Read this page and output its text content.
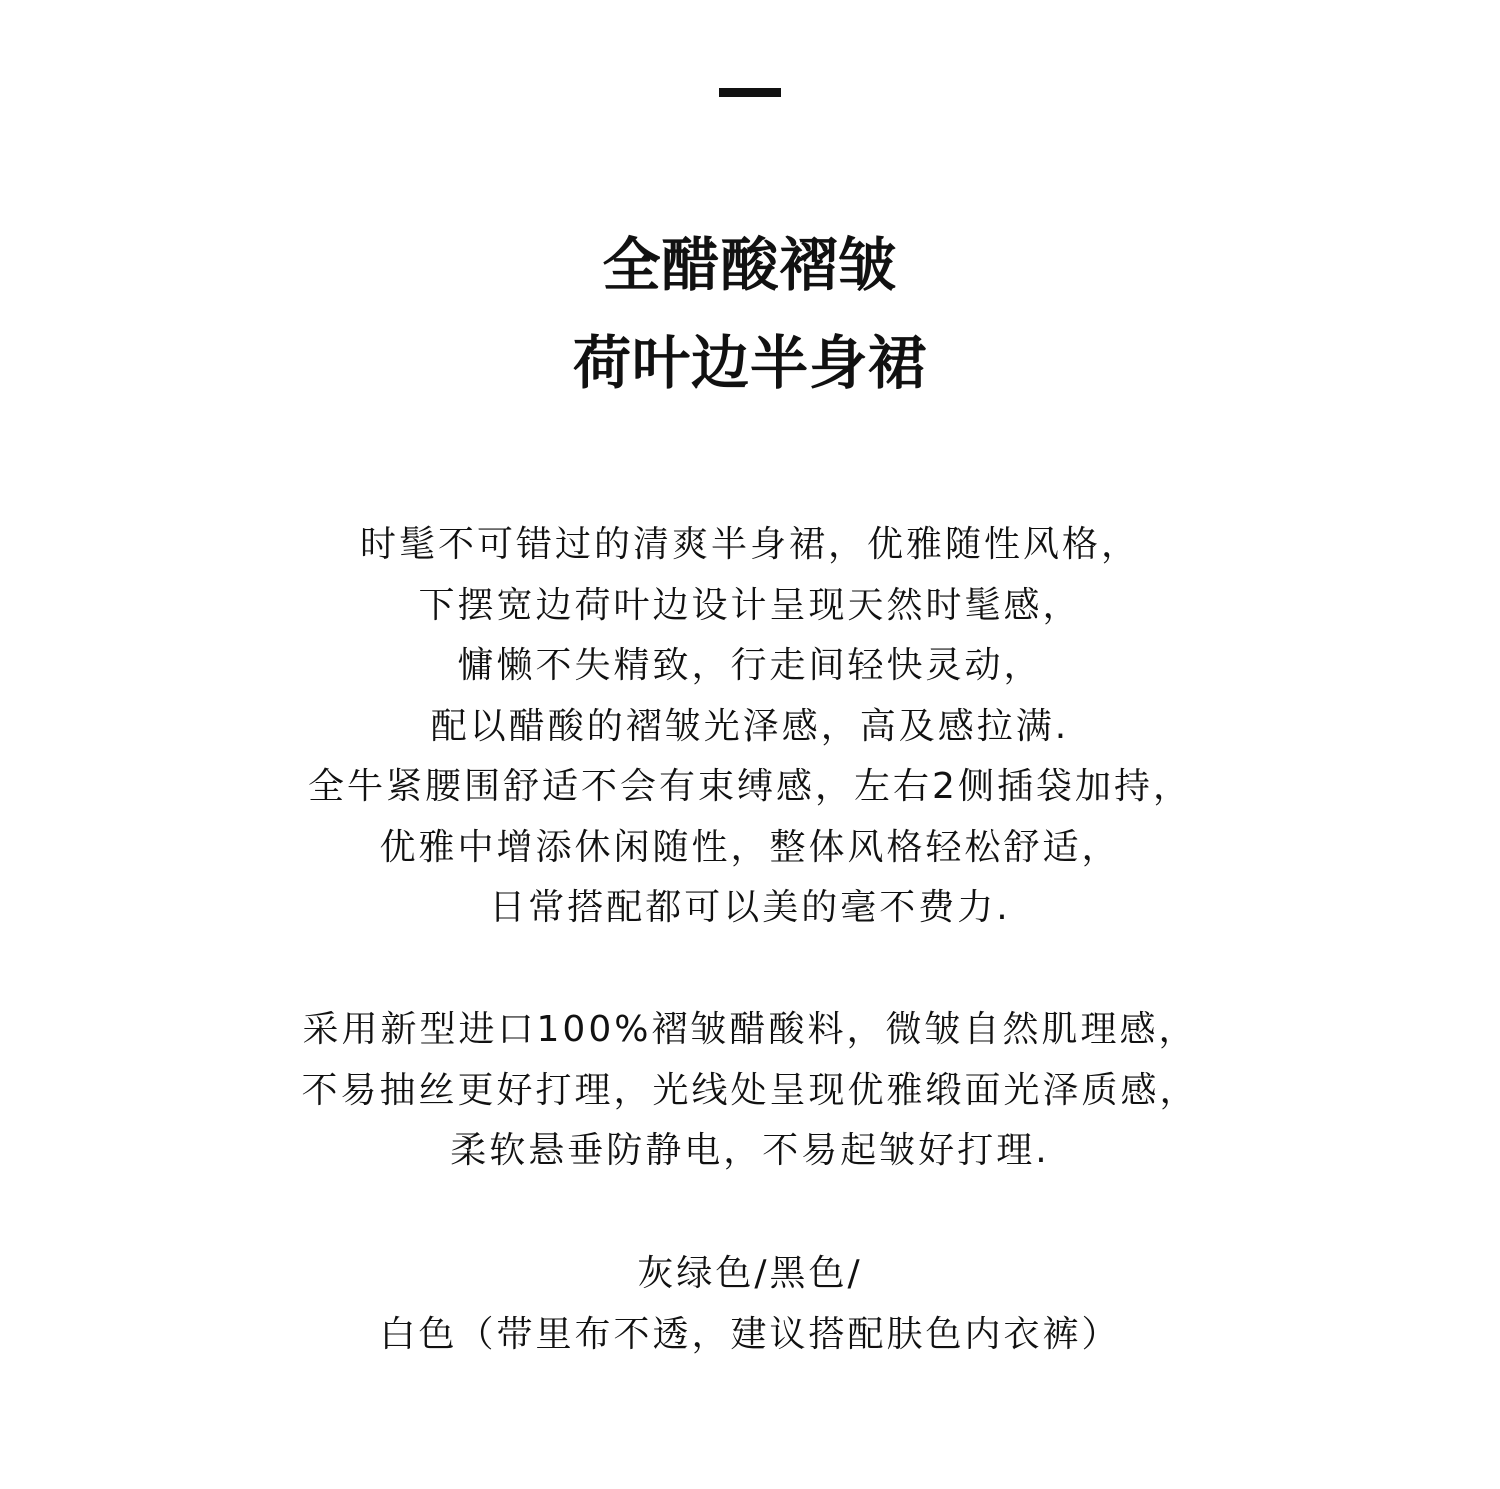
全醋酸褶皱
荷叶边半身裙
时髦不可错过的清爽半身裙，优雅随性风格，
下摆宽边荷叶边设计呈现天然时髦感，
慵懒不失精致，行走间轻快灵动，
配以醋酸的褶皱光泽感，高及感拉满.
全牛紧腰围舒适不会有束缚感，左右2侧插袋加持，
优雅中增添休闲随性，整体风格轻松舒适，
日常搭配都可以美的毫不费力.
采用新型进口100%褶皱醋酸料，微皱自然肌理感，
不易抽丝更好打理，光线处呈现优雅缎面光泽质感，
柔软悬垂防静电，不易起皱好打理.
灰绿色/黑色/
白色（带里布不透，建议搭配肤色内衣裤）
